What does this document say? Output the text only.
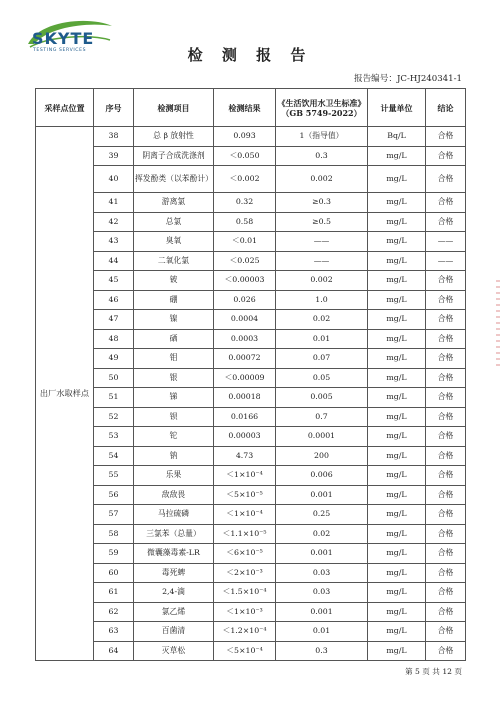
SKYTE
TESTING SERVICES	检 测 报 告
报告编号：JC-HJ240341-1
采样点位置	序号	检测项目	检测结果	《生活饮用水卫生标准》（GB 5749-2022）	计量单位	结论
出厂水取样点	38	总 β 放射性	0.093	1（指导值）	Bq/L	合格
	39	阴离子合成洗涤剂	＜0.050	0.3	mg/L	合格
	40	挥发酚类（以苯酚计）	＜0.002	0.002	mg/L	合格
	41	游离氯	0.32	≥0.3	mg/L	合格
	42	总氯	0.58	≥0.5	mg/L	合格
	43	臭氧	＜0.01	——	mg/L	——
	44	二氧化氯	＜0.025	——	mg/L	——
	45	铍	＜0.00003	0.002	mg/L	合格
	46	硼	0.026	1.0	mg/L	合格
	47	镍	0.0004	0.02	mg/L	合格
	48	硒	0.0003	0.01	mg/L	合格
	49	钼	0.00072	0.07	mg/L	合格
	50	银	＜0.00009	0.05	mg/L	合格
	51	锑	0.00018	0.005	mg/L	合格
	52	钡	0.0166	0.7	mg/L	合格
	53	铊	0.00003	0.0001	mg/L	合格
	54	钠	4.73	200	mg/L	合格
	55	乐果	＜1×10⁻⁴	0.006	mg/L	合格
	56	敌敌畏	＜5×10⁻⁵	0.001	mg/L	合格
	57	马拉硫磷	＜1×10⁻⁴	0.25	mg/L	合格
	58	三氯苯（总量）	＜1.1×10⁻⁵	0.02	mg/L	合格
	59	微囊藻毒素-LR	＜6×10⁻⁵	0.001	mg/L	合格
	60	毒死蜱	＜2×10⁻³	0.03	mg/L	合格
	61	2,4-滴	＜1.5×10⁻⁴	0.03	mg/L	合格
	62	氯乙烯	＜1×10⁻³	0.001	mg/L	合格
	63	百菌清	＜1.2×10⁻⁴	0.01	mg/L	合格
	64	灭草松	＜5×10⁻⁴	0.3	mg/L	合格
第 5 页 共 12 页
